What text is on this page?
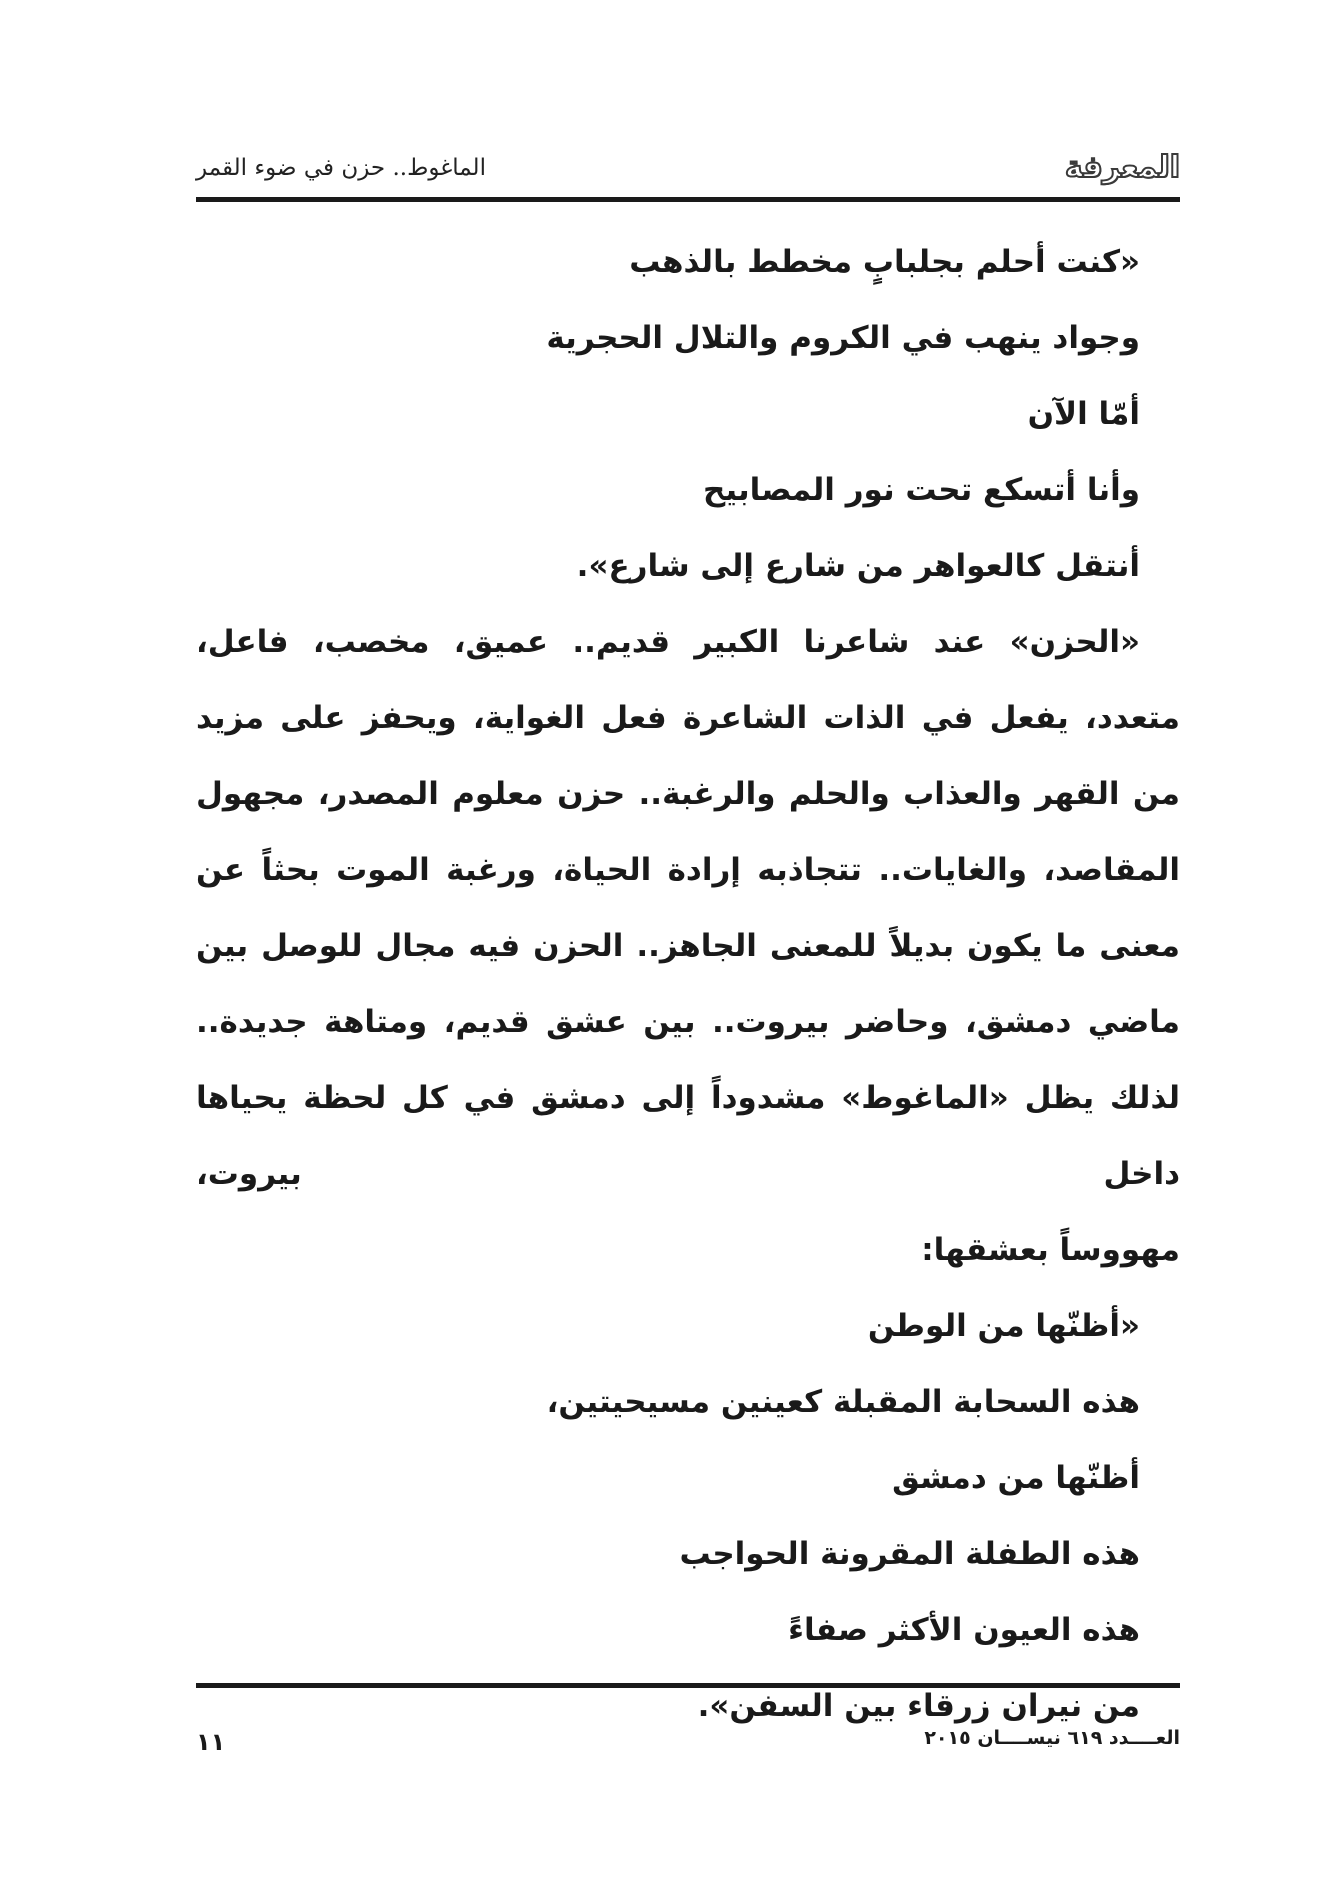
المعرفة
الماغوط.. حزن في ضوء القمر
«كنت أحلم بجلبابٍ مخطط بالذهب
وجواد ينهب في الكروم والتلال الحجرية
أمّا الآن
وأنا أتسكع تحت نور المصابيح
أنتقل كالعواهر من شارع إلى شارع».
«الحزن» عند شاعرنا الكبير قديم.. عميق، مخصب، فاعل، متعدد، يفعل في الذات الشاعرة فعل الغواية، ويحفز على مزيد من القهر والعذاب والحلم والرغبة.. حزن معلوم المصدر، مجهول المقاصد، والغايات.. تتجاذبه إرادة الحياة، ورغبة الموت بحثاً عن معنى ما يكون بديلاً للمعنى الجاهز.. الحزن فيه مجال للوصل بين ماضي دمشق، وحاضر بيروت.. بين عشق قديم، ومتاهة جديدة.. لذلك يظل «الماغوط» مشدوداً إلى دمشق في كل لحظة يحياها داخل بيروت،
مهووساً بعشقها:
«أظنّها من الوطن
هذه السحابة المقبلة كعينين مسيحيتين،
أظنّها من دمشق
هذه الطفلة المقرونة الحواجب
هذه العيون الأكثر صفاءً
من نيران زرقاء بين السفن».
العــــدد ٦١٩ نيســــان ٢٠١٥
١١
